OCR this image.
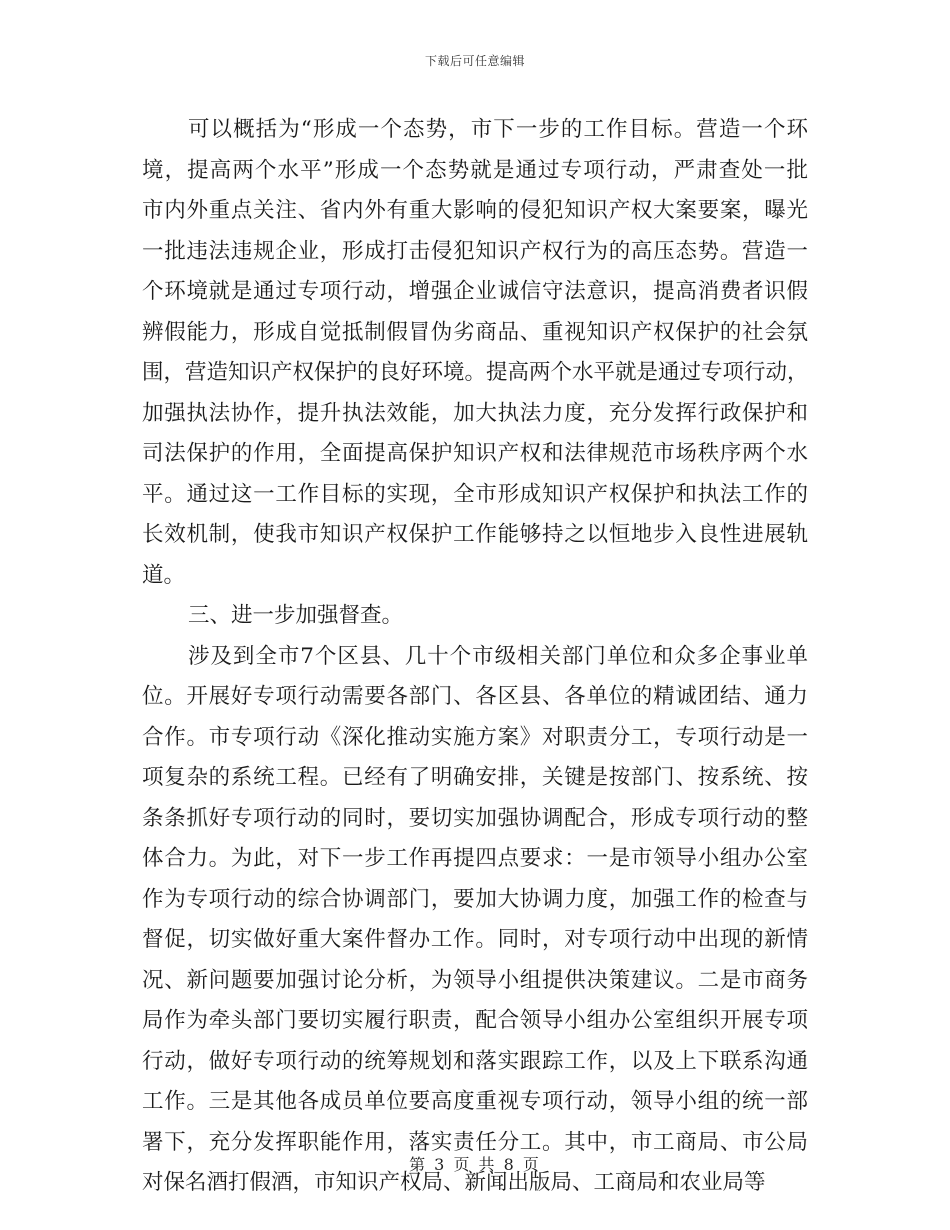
下载后可任意编辑
可以概括为“形成一个态势，市下一步的工作目标。营造一个环
境，提高两个水平”形成一个态势就是通过专项行动，严肃查处一批
市内外重点关注、省内外有重大影响的侵犯知识产权大案要案，曝光
一批违法违规企业，形成打击侵犯知识产权行为的高压态势。营造一
个环境就是通过专项行动，增强企业诚信守法意识，提高消费者识假
辨假能力，形成自觉抵制假冒伪劣商品、重视知识产权保护的社会氛
围，营造知识产权保护的良好环境。提高两个水平就是通过专项行动，
加强执法协作，提升执法效能，加大执法力度，充分发挥行政保护和
司法保护的作用，全面提高保护知识产权和法律规范市场秩序两个水
平。通过这一工作目标的实现，全市形成知识产权保护和执法工作的
长效机制，使我市知识产权保护工作能够持之以恒地步入良性进展轨
道。
三、进一步加强督查。
涉及到全市7个区县、几十个市级相关部门单位和众多企事业单
位。开展好专项行动需要各部门、各区县、各单位的精诚团结、通力
合作。市专项行动《深化推动实施方案》对职责分工，专项行动是一
项复杂的系统工程。已经有了明确安排，关键是按部门、按系统、按
条条抓好专项行动的同时，要切实加强协调配合，形成专项行动的整
体合力。为此，对下一步工作再提四点要求：一是市领导小组办公室
作为专项行动的综合协调部门，要加大协调力度，加强工作的检查与
督促，切实做好重大案件督办工作。同时，对专项行动中出现的新情
况、新问题要加强讨论分析，为领导小组提供决策建议。二是市商务
局作为牵头部门要切实履行职责，配合领导小组办公室组织开展专项
行动，做好专项行动的统筹规划和落实跟踪工作，以及上下联系沟通
工作。三是其他各成员单位要高度重视专项行动，领导小组的统一部
署下，充分发挥职能作用，落实责任分工。其中，市工商局、市公局
对保名酒打假酒，市知识产权局、新闻出版局、工商局和农业局等
第 3 页 共 8 页
